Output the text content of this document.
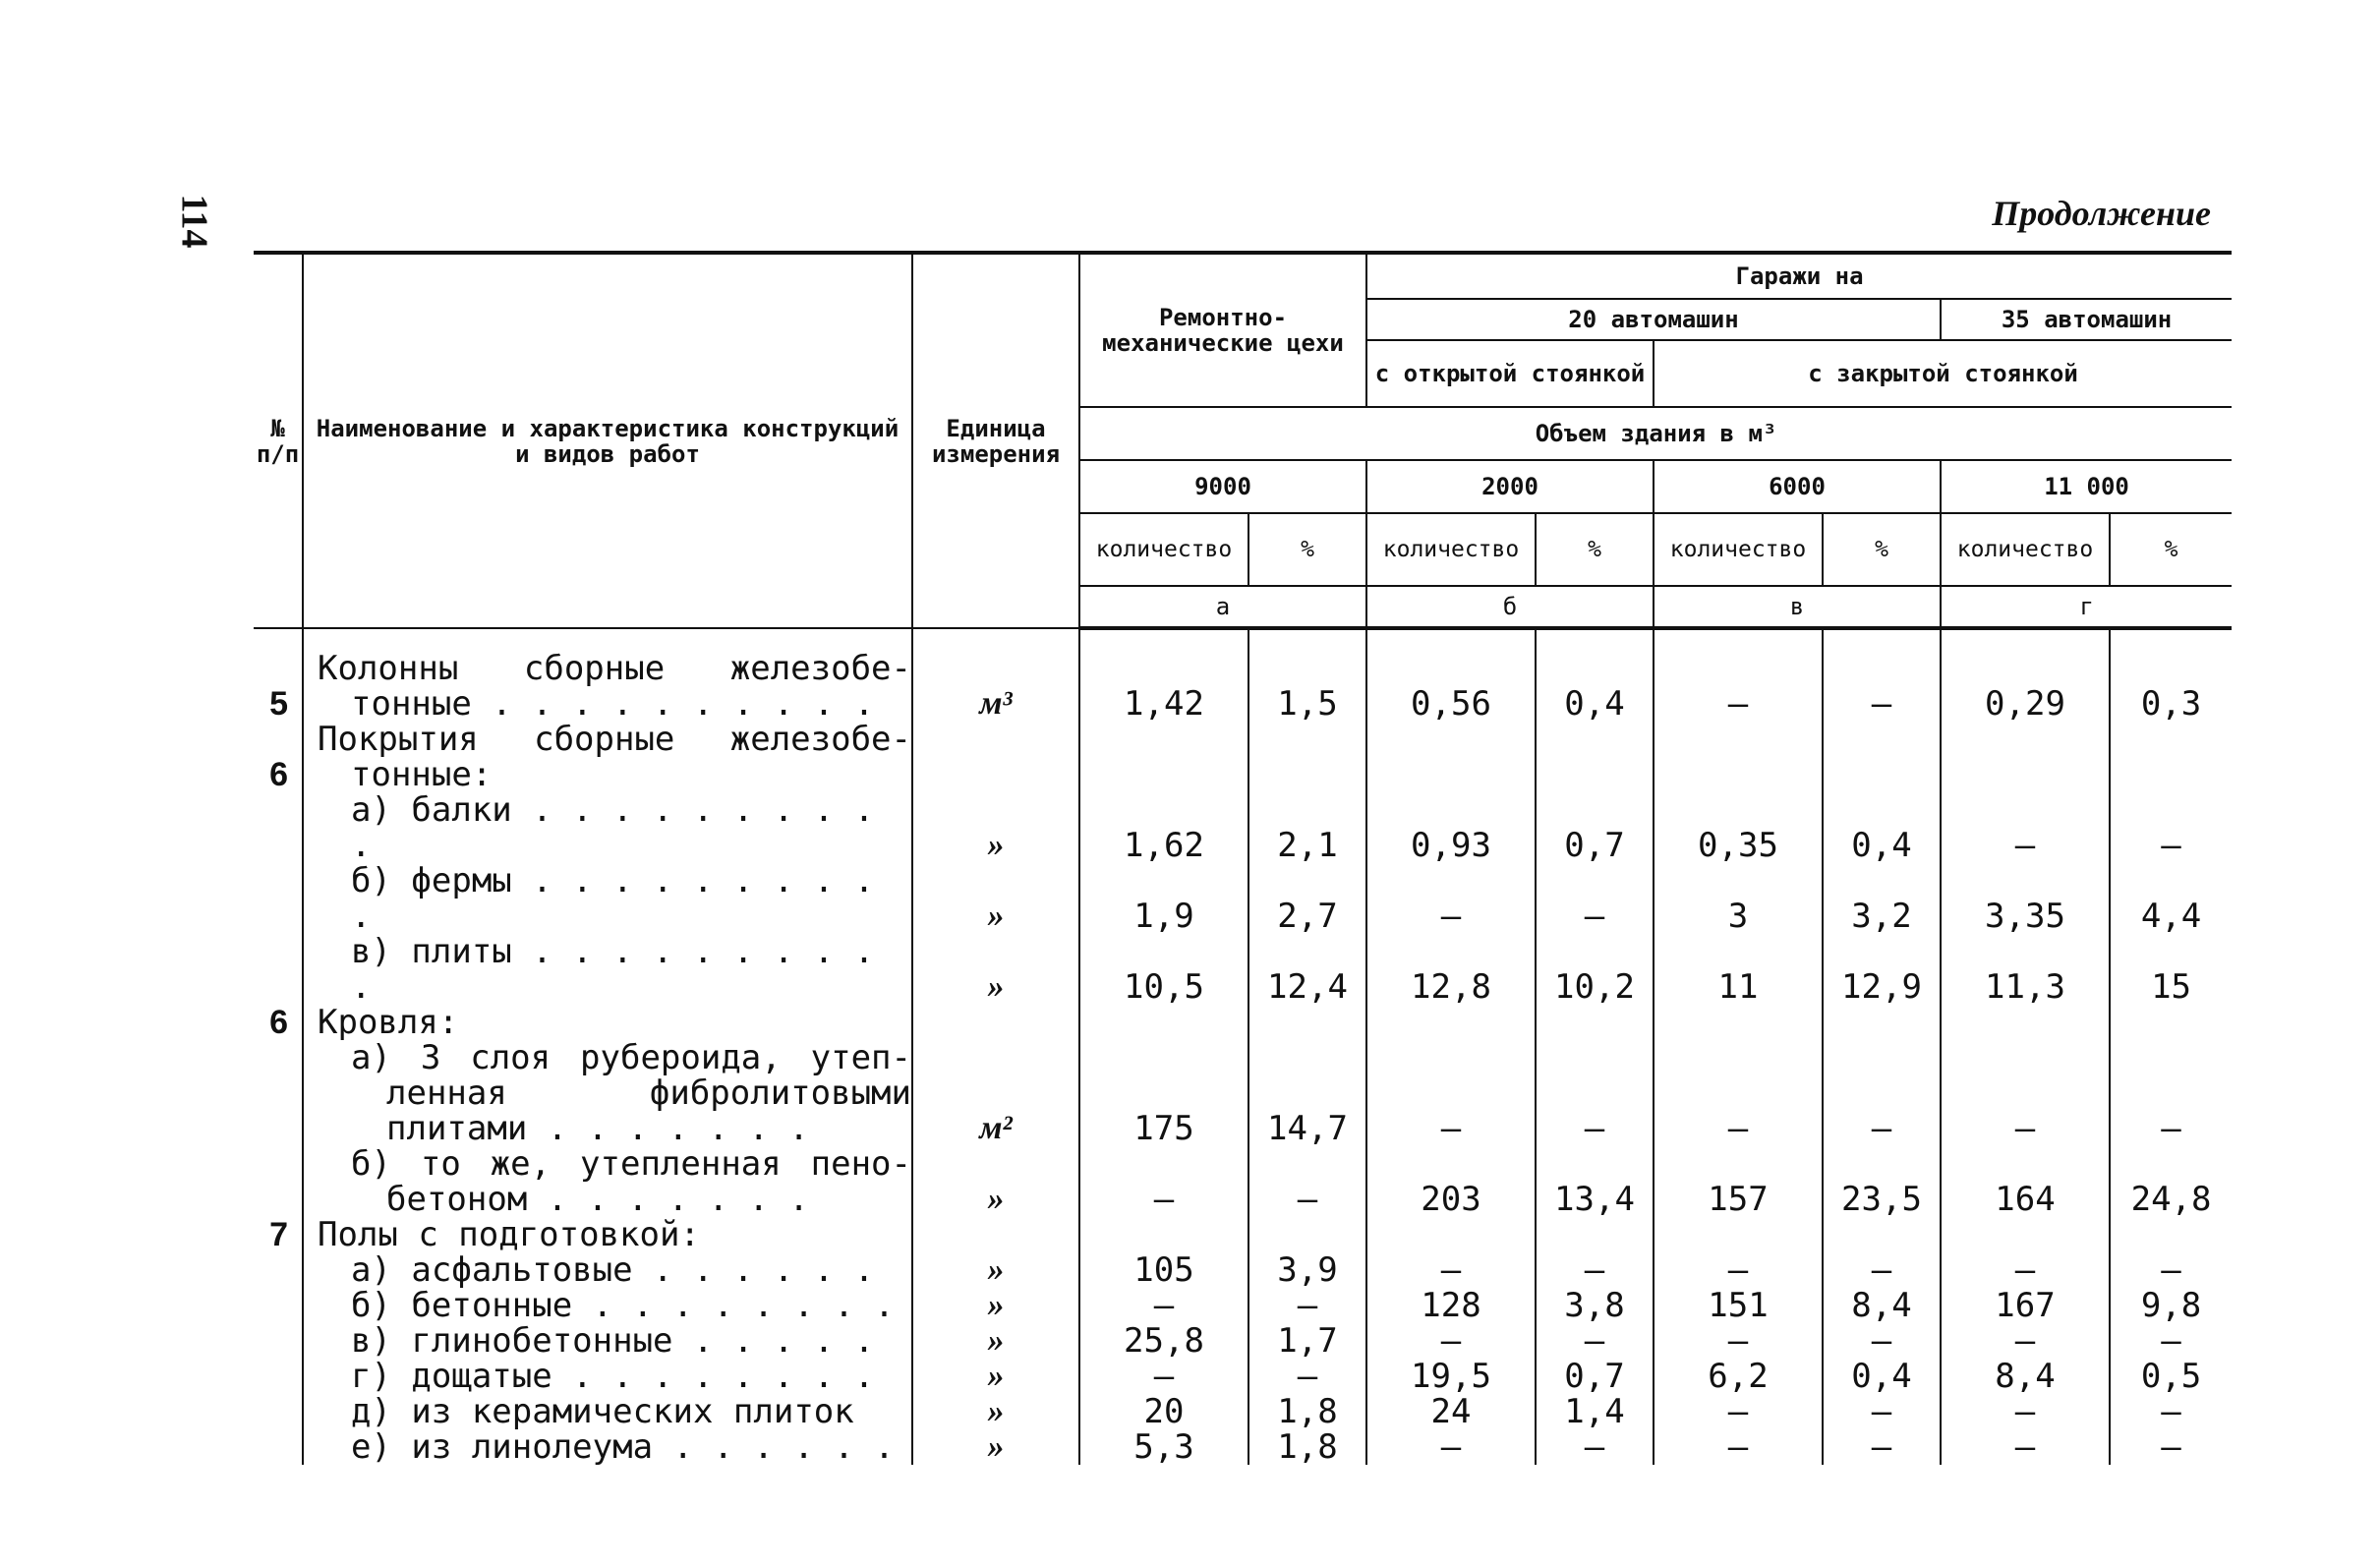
114	Продолжение
№ п/п	Наименование и характеристика конструкций и видов работ	Единица измерения	Ремонтно-механические цехи		Гаражи на					
					20 автомашин				35 автомашин	
					с открытой стоянкой		с закрытой стоянкой			
			Объем здания в м³							
			9000		2000		6000		11 000	
			количество	%	количество	%	количество	%	количество	%
			а		б		в		г	
5	Колонны сборные железобе-
тонные . . . . . . . . . .	м³	1,42	1,5	0,56	0,4	—	—	0,29	0,3
6	Покрытия сборные железобе-
тонные:									

	а) балки . . . . . . . . . .	»	1,62	2,1	0,93	0,7	0,35	0,4	—	—

	б) фермы . . . . . . . . . .	»	1,9	2,7	—	—	3	3,2	3,35	4,4

	в) плиты . . . . . . . . . .	»	10,5	12,4	12,8	10,2	11	12,9	11,3	15
6	Кровля:									

	а) 3 слоя рубероида, утеп-
ленная фибролитовыми
плитами . . . . . . .	м²	175	14,7	—	—	—	—	—	—

	б) то же, утепленная пено-
бетоном . . . . . . .	»	—	—	203	13,4	157	23,5	164	24,8
7	Полы с подготовкой:									

	а) асфальтовые . . . . . .	»	105	3,9	—	—	—	—	—	—

	б) бетонные . . . . . . . .	»	—	—	128	3,8	151	8,4	167	9,8

	в) глинобетонные . . . . .	»	25,8	1,7	—	—	—	—	—	—

	г) дощатые . . . . . . . .	»	—	—	19,5	0,7	6,2	0,4	8,4	0,5

	д) из керамических плиток	»	20	1,8	24	1,4	—	—	—	—

	е) из линолеума . . . . . .	»	5,3	1,8	—	—	—	—	—	—
